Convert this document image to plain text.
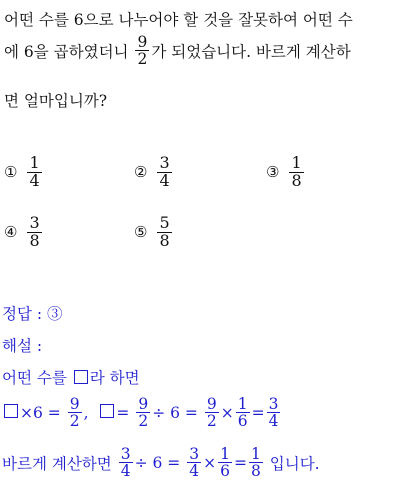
어떤 수를 6으로 나누어야 할 것을 잘못하여 어떤 수
에 6을 곱하였더니 $\frac{9}{2}$ 가 되었습니다. 바르게 계산하
면 얼마입니까?
① $\frac{1}{4}$	② $\frac{3}{4}$	③ $\frac{1}{8}$
④ $\frac{3}{8}$	⑤ $\frac{5}{8}$
정답 : ③
해설 :
어떤 수를 라 하면
$\times 6 = \frac{9}{2}$ , = $\frac{9}{2} \div 6 = \frac{9}{2} \times \frac{1}{6} = \frac{3}{4}$
바르게 계산하면 $\frac{3}{4} \div 6 = \frac{3}{4} \times \frac{1}{6} = \frac{1}{8}$ 입니다.
